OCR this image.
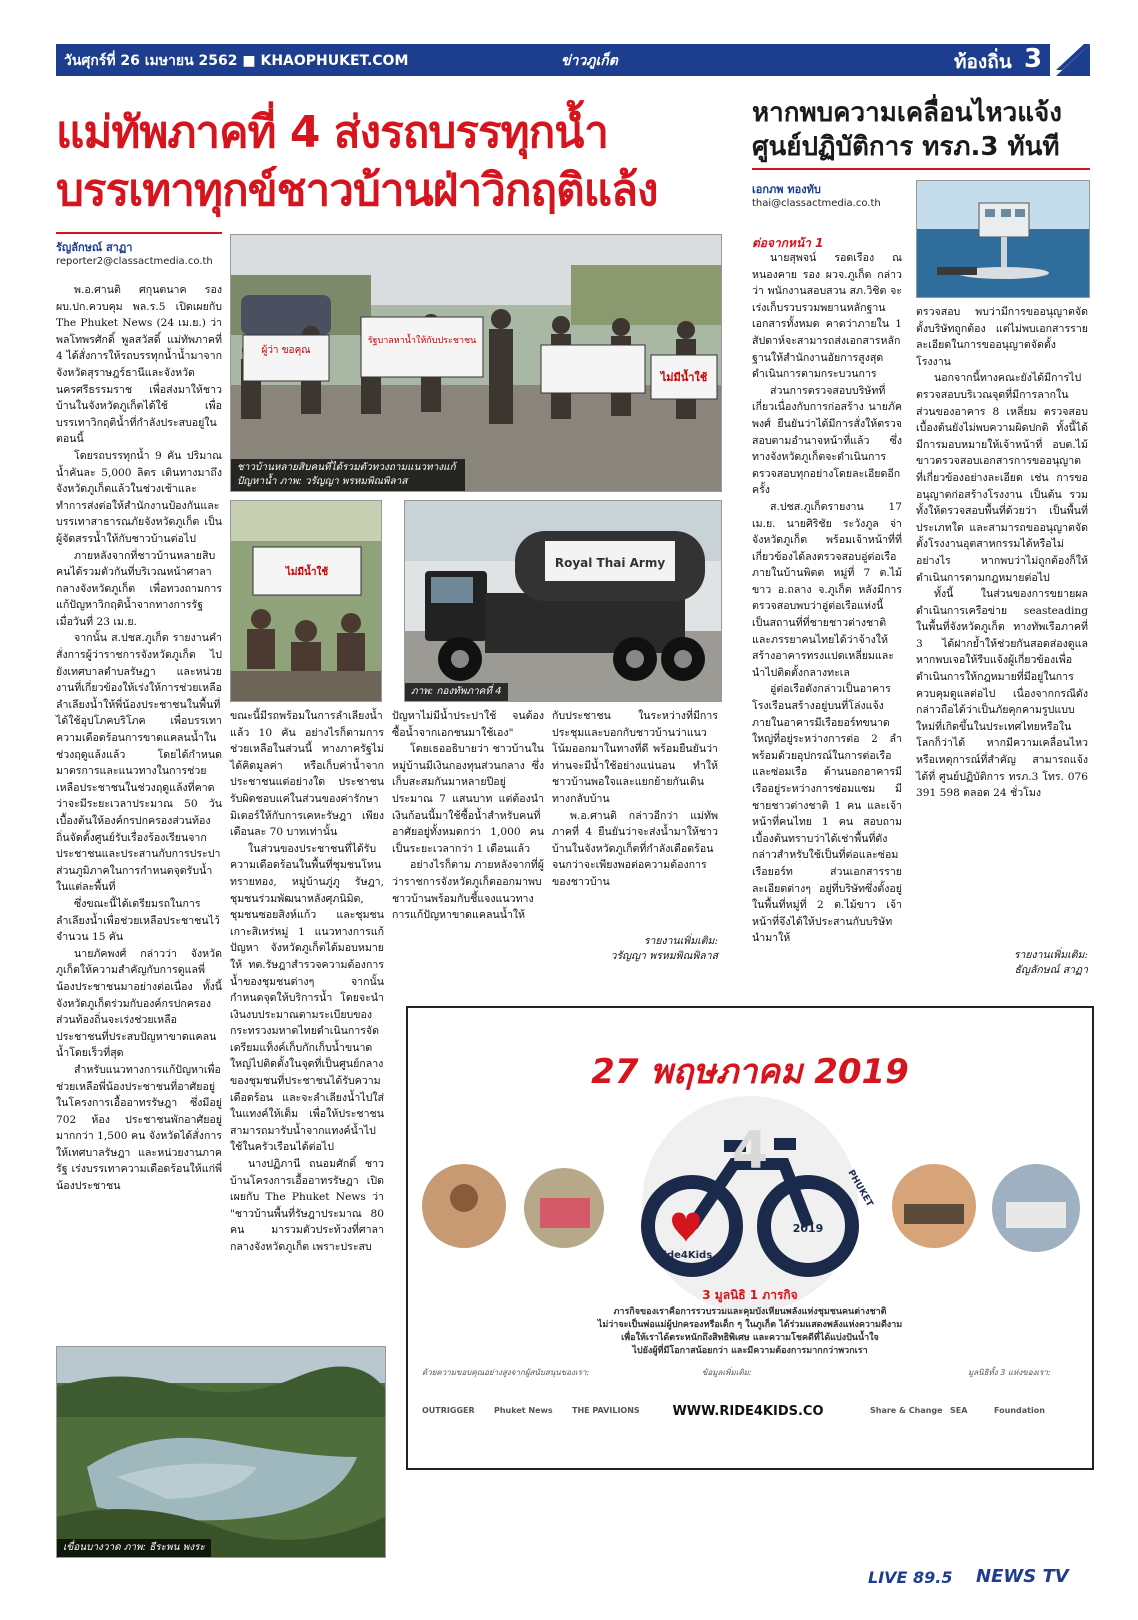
วันศุกร์ที่ 26 เมษายน 2562 ■ KHAOPHUKET.COM	ข่าวภูเก็ต	ท้องถิ่น 3
แม่ทัพภาคที่ 4 ส่งรถบรรทุกน้ำ
บรรเทาทุกข์ชาวบ้านฝ่าวิกฤติแล้ง
รัญลักษณ์ สาฏา
reporter2@classactmedia.co.th

พ.อ.ศานติ ศกุนตนาค รอง ผบ.ปก.ควบคุม พล.ร.5 เปิดเผยกับ The Phuket News (24 เม.ย.) ว่า พลโทพรศักดิ์ พูลสวัสดิ์ แม่ทัพภาคที่ 4 ได้สั่งการให้รถบรรทุกน้ำน้ำมาจากจังหวัดสุราษฎร์ธานีและจังหวัดนครศรีธรรมราช เพื่อส่งมาให้ชาวบ้านในจังหวัดภูเก็ตได้ใช้ เพื่อบรรเทาวิกฤติน้ำที่กำลังประสบอยู่ในตอนนี้

โดยรถบรรทุกน้ำ 9 คัน ปริมาณน้ำคันละ 5,000 ลิตร เดินทางมาถึงจังหวัดภูเก็ตแล้วในช่วงเช้าและทำการส่งต่อให้สำนักงานป้องกันและบรรเทาสาธารณภัยจังหวัดภูเก็ต เป็นผู้จัดสรรน้ำให้กับชาวบ้านต่อไป

ภายหลังจากที่ชาวบ้านหลายสิบคนได้รวมตัวกันที่บริเวณหน้าศาลากลางจังหวัดภูเก็ต เพื่อทวงถามการแก้ปัญหาวิกฤติน้ำจากทางการรัฐ เมื่อวันที่ 23 เม.ย.

จากนั้น ส.ปชส.ภูเก็ต รายงานคำสั่งการผู้ว่าราชการจังหวัดภูเก็ต ไปยังเทศบาลตำบลรัษฎา และหน่วยงานที่เกี่ยวข้องให้เร่งให้การช่วยเหลือ ลำเลียงน้ำให้พี่น้องประชาชนในพื้นที่ได้ใช้อุปโภคบริโภค เพื่อบรรเทาความเดือดร้อนการขาดแคลนน้ำในช่วงฤดูแล้งแล้ว โดยได้กำหนดมาตรการและแนวทางในการช่วยเหลือประชาชนในช่วงฤดูแล้งที่คาดว่าจะมีระยะเวลาประมาณ 50 วัน เบื้องต้นให้องค์กรปกครองส่วนท้องถิ่นจัดตั้งศูนย์รับเรื่องร้องเรียนจากประชาชนและประสานกับการประปาส่วนภูมิภาคในการกำหนดจุดรับน้ำในแต่ละพื้นที่

ซึ่งขณะนี้ได้เตรียมรถในการลำเลียงน้ำเพื่อช่วยเหลือประชาชนไว้จำนวน 15 คัน

นายภัคพงศ์ กล่าวว่า จังหวัดภูเก็ตให้ความสำคัญกับการดูแลพี่น้องประชาชนมาอย่างต่อเนื่อง ทั้งนี้จังหวัดภูเก็ตร่วมกับองค์กรปกครองส่วนท้องถิ่นจะเร่งช่วยเหลือประชาชนที่ประสบปัญหาขาดแคลนน้ำโดยเร็วที่สุด

สำหรับแนวทางการแก้ปัญหาเพื่อช่วยเหลือพี่น้องประชาชนที่อาศัยอยู่ในโครงการเอื้ออาทรรัษฎา ซึ่งมีอยู่ 702 ห้อง ประชาชนพักอาศัยอยู่มากกว่า 1,500 คน จังหวัดได้สั่งการให้เทศบาลรัษฎา และหน่วยงานภาครัฐ เร่งบรรเทาความเดือดร้อนให้แก่พี่น้องประชาชน

ผู้ว่า ขอคุณ
รัฐบาลหาน้ำให้กับประชาชน
ไม่มีน้ำใช้
ชาวบ้านหลายสิบคนที่ได้รวมตัวทวงถามแนวทางแก้ปัญหาน้ำ ภาพ: วรัญญา พรหมพิณพิลาส
ไม่มีน้ำใช้
Royal Thai Army
ภาพ: กองทัพภาคที่ 4

ขณะนี้มีรถพร้อมในการลำเลียงน้ำแล้ว 10 คัน อย่างไรก็ตามการช่วยเหลือในส่วนนี้ ทางภาครัฐไม่ได้คิดมูลค่า หรือเก็บค่าน้ำจากประชาชนแต่อย่างใด ประชาชนรับผิดชอบแค่ในส่วนของค่ารักษามิเตอร์ให้กับการเคหะรัษฎา เพียงเดือนละ 70 บาทเท่านั้น

ในส่วนของประชาชนที่ได้รับความเดือดร้อนในพื้นที่ชุมชนโหนทรายทอง, หมู่บ้านภู่ภู รัษฎา, ชุมชนร่วมพัฒนาหลังศุภนิมิต, ชุมชนซอยสิงห์แก้ว และชุมชนเกาะสิเหร่หมู่ 1 แนวทางการแก้ปัญหา จังหวัดภูเก็ตได้มอบหมายให้ ทต.รัษฎาสำรวจความต้องการน้ำของชุมชนต่างๆ จากนั้นกำหนดจุดให้บริการน้ำ โดยจะนำเงินงบประมาณตามระเบียบของกระทรวงมหาดไทยดำเนินการจัดเตรียมแท็งค์เก็บกักเก็บน้ำขนาดใหญ่ไปติดตั้งในจุดที่เป็นศูนย์กลางของชุมชนที่ประชาชนได้รับความเดือดร้อน และจะลำเลียงน้ำไปใส่ในแทงค์ให้เต็ม เพื่อให้ประชาชนสามารถมารับน้ำจากแทงค์น้ำไปใช้ในครัวเรือนได้ต่อไป

นางปฏิภานี ถนอมศักดิ์ ชาวบ้านโครงการเอื้ออาทรรัษฎา เปิดเผยกับ The Phuket News ว่า "ชาวบ้านพื้นที่รัษฎาประมาณ 80 คน มารวมตัวประท้วงที่ศาลากลางจังหวัดภูเก็ต เพราะประสบ

ปัญหาไม่มีน้ำประปาใช้ จนต้องซื้อน้ำจากเอกชนมาใช้เอง"

โดยเธออธิบายว่า ชาวบ้านในหมู่บ้านมีเงินกองทุนส่วนกลาง ซึ่งเก็บสะสมกันมาหลายปีอยู่ประมาณ 7 แสนบาท แต่ต้องนำเงินก้อนนี้มาใช้ซื้อน้ำสำหรับคนที่อาศัยอยู่ทั้งหมดกว่า 1,000 คน เป็นระยะเวลากว่า 1 เดือนแล้ว

อย่างไรก็ตาม ภายหลังจากที่ผู้ว่าราชการจังหวัดภูเก็ตออกมาพบชาวบ้านพร้อมกับชี้แจงแนวทางการแก้ปัญหาขาดแคลนน้ำให้

กับประชาชน ในระหว่างที่มีการประชุมและบอกกับชาวบ้านว่าแนวโน้มออกมาในทางที่ดี พร้อมยืนยันว่าท่านจะมีน้ำใช้อย่างแน่นอน ทำให้ชาวบ้านพอใจและแยกย้ายกันเดินทางกลับบ้าน

พ.อ.ศานติ กล่าวอีกว่า แม่ทัพภาคที่ 4 ยืนยันว่าจะส่งน้ำมาให้ชาวบ้านในจังหวัดภูเก็ตที่กำลังเดือดร้อนจนกว่าจะเพียงพอต่อความต้องการของชาวบ้าน

รายงานเพิ่มเติม:
วรัญญา พรหมพิณพิลาส
เขื่อนบางวาด ภาพ: ธีระพน พงระ
หากพบความเคลื่อนไหวแจ้ง
ศูนย์ปฏิบัติการ ทรภ.3 ทันที
เอกภพ ทองทับ
thai@classactmedia.co.th
ต่อจากหน้า 1

นายสุพจน์ รอดเรือง ณ หนองคาย รอง ผวจ.ภูเก็ต กล่าวว่า พนักงานสอบสวน สภ.วิชิต จะเร่งเก็บรวบรวมพยานหลักฐานเอกสารทั้งหมด คาดว่าภายใน 1 สัปดาห์จะสามารถส่งเอกสารหลักฐานให้สำนักงานอัยการสูงสุดดำเนินการตามกระบวนการ

ส่วนการตรวจสอบบริษัทที่เกี่ยวเนื่องกับการก่อสร้าง นายภัคพงศ์ ยืนยันว่าได้มีการสั่งให้ตรวจสอบตามอำนาจหน้าที่แล้ว ซึ่งทางจังหวัดภูเก็ตจะดำเนินการตรวจสอบทุกอย่างโดยละเอียดอีกครั้ง

ส.ปชส.ภูเก็ตรายงาน 17 เม.ย. นายศิริชัย ระวังภูล จ่าจังหวัดภูเก็ต พร้อมเจ้าหน้าที่ที่เกี่ยวข้องได้ลงตรวจสอบอู่ต่อเรือภายในบ้านพิตต หมู่ที่ 7 ต.ไม้ขาว อ.ถลาง จ.ภูเก็ต หลังมีการตรวจสอบพบว่าอู่ต่อเรือแห่งนี้ เป็นสถานที่ที่ชายชาวต่างชาติและภรรยาคนไทยได้ว่าจ้างให้สร้างอาคารทรงแปดเหลี่ยมและนำไปติดตั้งกลางทะเล

อู่ต่อเรือดังกล่าวเป็นอาคารโรงเรือนสร้างอยู่บนที่โล่งแจ้งภายในอาคารมีเรือยอร์ทขนาดใหญ่ที่อยู่ระหว่างการต่อ 2 ลำ พร้อมด้วยอุปกรณ์ในการต่อเรือและซ่อมเรือ ด้านนอกอาคารมีเรืออยู่ระหว่างการซ่อมแซม มีชายชาวต่างชาติ 1 คน และเจ้าหน้าที่คนไทย 1 คน สอบถามเบื้องต้นทราบว่าได้เช่าพื้นที่ดังกล่าวสำหรับใช้เป็นที่ต่อและซ่อมเรือยอร์ท ส่วนเอกสารรายละเอียดต่างๆ อยู่ที่บริษัทซึ่งตั้งอยู่ในพื้นที่หมู่ที่ 2 ต.ไม้ขาว เจ้าหน้าที่จึงได้ให้ประสานกับบริษัทนำมาให้

ตรวจสอบ พบว่ามีการขออนุญาตจัดตั้งบริษัทถูกต้อง แต่ไม่พบเอกสารรายละเอียดในการขออนุญาตจัดตั้งโรงงาน

นอกจากนี้ทางคณะยังได้มีการไปตรวจสอบบริเวณจุดที่มีการลากในส่วนของอาคาร 8 เหลี่ยม ตรวจสอบเบื้องต้นยังไม่พบความผิดปกติ ทั้งนี้ได้มีการมอบหมายให้เจ้าหน้าที่ อบต.ไม้ขาวตรวจสอบเอกสารการขออนุญาตที่เกี่ยวข้องอย่างละเอียด เช่น การขออนุญาตก่อสร้างโรงงาน เป็นต้น รวมทั้งให้ตรวจสอบพื้นที่ด้วยว่า เป็นพื้นที่ประเภทใด และสามารถขออนุญาตจัดตั้งโรงงานอุตสาหกรรมได้หรือไม่อย่างไร หากพบว่าไม่ถูกต้องก็ให้ดำเนินการตามกฎหมายต่อไป

ทั้งนี้ ในส่วนของการขยายผลดำเนินการเครือข่าย seasteading ในพื้นที่จังหวัดภูเก็ต ทางทัพเรือภาคที่ 3 ได้ฝากย้ำให้ช่วยกันสอดส่องดูแล หากพบเจอให้รีบแจ้งผู้เกี่ยวข้องเพื่อดำเนินการให้กฎหมายที่มีอยู่ในการควบคุมดูแลต่อไป เนื่องจากกรณีดังกล่าวถือได้ว่าเป็นภัยคุกคามรูปแบบใหม่ที่เกิดขึ้นในประเทศไทยหรือในโลกก็ว่าได้ หากมีความเคลื่อนไหวหรือเหตุการณ์ที่สำคัญ สามารถแจ้งได้ที่ ศูนย์ปฏิบัติการ ทรภ.3 โทร. 076 391 598 ตลอด 24 ชั่วโมง

รายงานเพิ่มเติม:
ธัญลักษณ์ สาฏา
27 พฤษภาคม 2019
4
Ride4Kids
2019
PHUKET
3 มูลนิธิ 1 ภารกิจ
ภารกิจของเราคือการรวบรวมและคุมบังเหียนพลังแห่งชุมชนคนต่างชาติ
ไม่ว่าจะเป็นพ่อแม่ผู้ปกครองหรือเด็ก ๆ ในภูเก็ต ได้ร่วมแสดงพลังแห่งความดีงาม
เพื่อให้เราได้ตระหนักถึงสิทธิพิเศษ และความโชคดีที่ได้แบ่งปันน้ำใจ
ไปยังผู้ที่มีโอกาสน้อยกว่า และมีความต้องการมากกว่าพวกเรา
ด้วยความขอบคุณอย่างสูงจากผู้สนับสนุนของเรา:	ข้อมูลเพิ่มเติม:	มูลนิธิทั้ง 3 แห่งของเรา:
OUTRIGGER Phuket News THE PAVILIONS	WWW.RIDE4KIDS.CO	Share & Change SEA	Foundation
LIVE 89.5 NEWS TV
